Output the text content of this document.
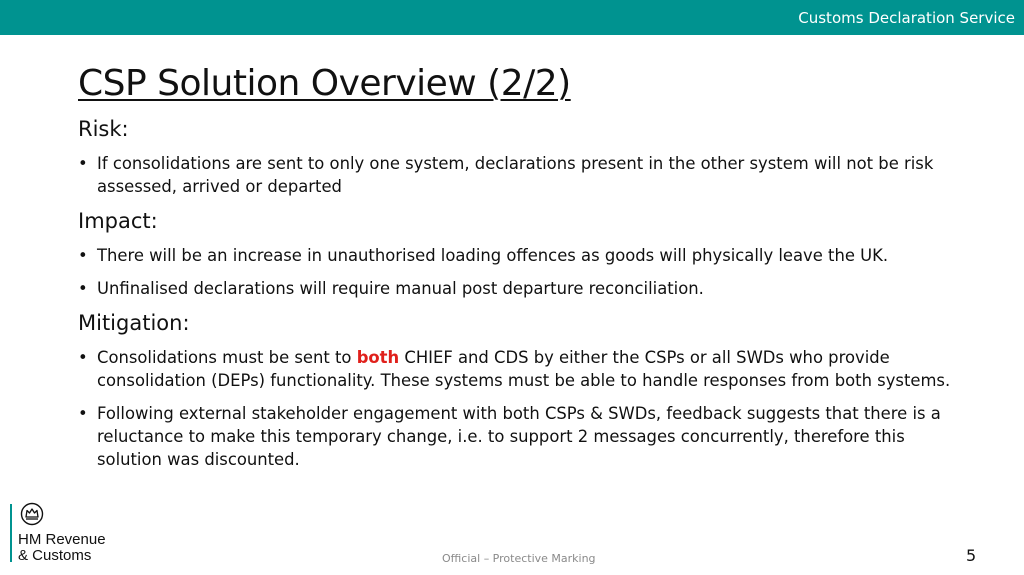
Customs Declaration Service
CSP Solution Overview (2/2)
Risk:
• If consolidations are sent to only one system, declarations present in the other system will not be risk assessed, arrived or departed
Impact:
• There will be an increase in unauthorised loading offences as goods will physically leave the UK.
• Unfinalised declarations will require manual post departure reconciliation.
Mitigation:
• Consolidations must be sent to both CHIEF and CDS by either the CSPs or all SWDs who provide consolidation (DEPs) functionality. These systems must be able to handle responses from both systems.
• Following external stakeholder engagement with both CSPs & SWDs, feedback suggests that there is a reluctance to make this temporary change, i.e. to support 2 messages concurrently, therefore this solution was discounted.
HM Revenue
& Customs	Official – Protective Marking	5
